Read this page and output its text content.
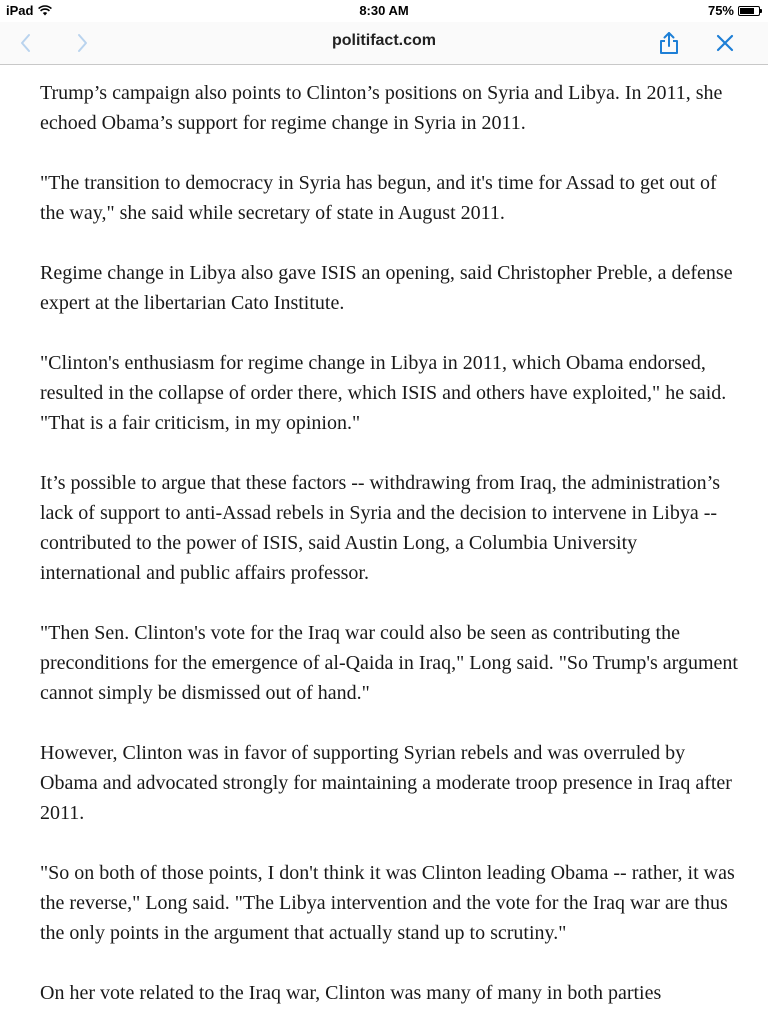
iPad	8:30 AM	75%
politifact.com

Trump’s campaign also points to Clinton’s positions on Syria and Libya. In 2011, she echoed Obama’s support for regime change in Syria in 2011.

"The transition to democracy in Syria has begun, and it's time for Assad to get out of the way," she said while secretary of state in August 2011.

Regime change in Libya also gave ISIS an opening, said Christopher Preble, a defense expert at the libertarian Cato Institute.

"Clinton's enthusiasm for regime change in Libya in 2011, which Obama endorsed, resulted in the collapse of order there, which ISIS and others have exploited," he said. "That is a fair criticism, in my opinion."

It’s possible to argue that these factors -- withdrawing from Iraq, the administration’s lack of support to anti-Assad rebels in Syria and the decision to intervene in Libya -- contributed to the power of ISIS, said Austin Long, a Columbia University international and public affairs professor.

"Then Sen. Clinton's vote for the Iraq war could also be seen as contributing the preconditions for the emergence of al-Qaida in Iraq," Long said. "So Trump's argument cannot simply be dismissed out of hand."

However, Clinton was in favor of supporting Syrian rebels and was overruled by Obama and advocated strongly for maintaining a moderate troop presence in Iraq after 2011.

"So on both of those points, I don't think it was Clinton leading Obama -- rather, it was the reverse," Long said. "The Libya intervention and the vote for the Iraq war are thus the only points in the argument that actually stand up to scrutiny."

On her vote related to the Iraq war, Clinton was many of many in both parties
